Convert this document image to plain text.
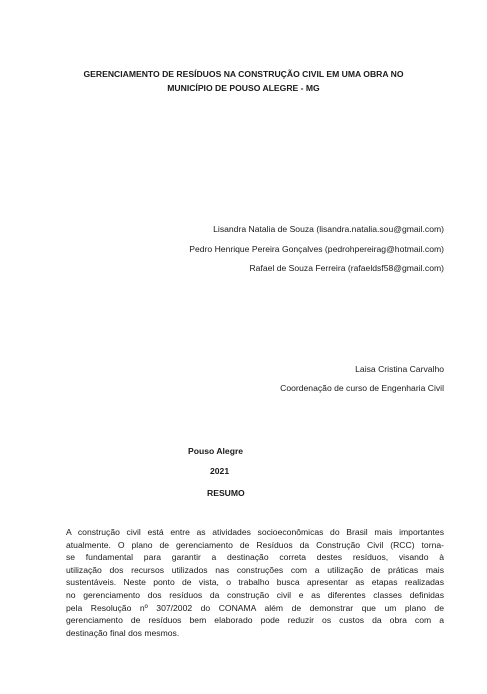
GERENCIAMENTO DE RESÍDUOS NA CONSTRUÇÃO CIVIL EM UMA OBRA NO
MUNICÍPIO DE POUSO ALEGRE - MG
Lisandra Natalia de Souza (lisandra.natalia.sou@gmail.com)
Pedro Henrique Pereira Gonçalves (pedrohpereirag@hotmail.com)
Rafael de Souza Ferreira (rafaeldsf58@gmail.com)
Laisa Cristina Carvalho
Coordenação de curso de Engenharia Civil
Pouso Alegre
2021
RESUMO
A construção civil está entre as atividades socioeconômicas do Brasil mais importantes
atualmente. O plano de gerenciamento de Resíduos da Construção Civil (RCC) torna-
se fundamental para garantir a destinação correta destes resíduos, visando à
utilização dos recursos utilizados nas construções com a utilização de práticas mais
sustentáveis. Neste ponto de vista, o trabalho busca apresentar as etapas realizadas
no gerenciamento dos resíduos da construção civil e as diferentes classes definidas
pela Resolução nº 307/2002 do CONAMA além de demonstrar que um plano de
gerenciamento de resíduos bem elaborado pode reduzir os custos da obra com a
destinação final dos mesmos.
